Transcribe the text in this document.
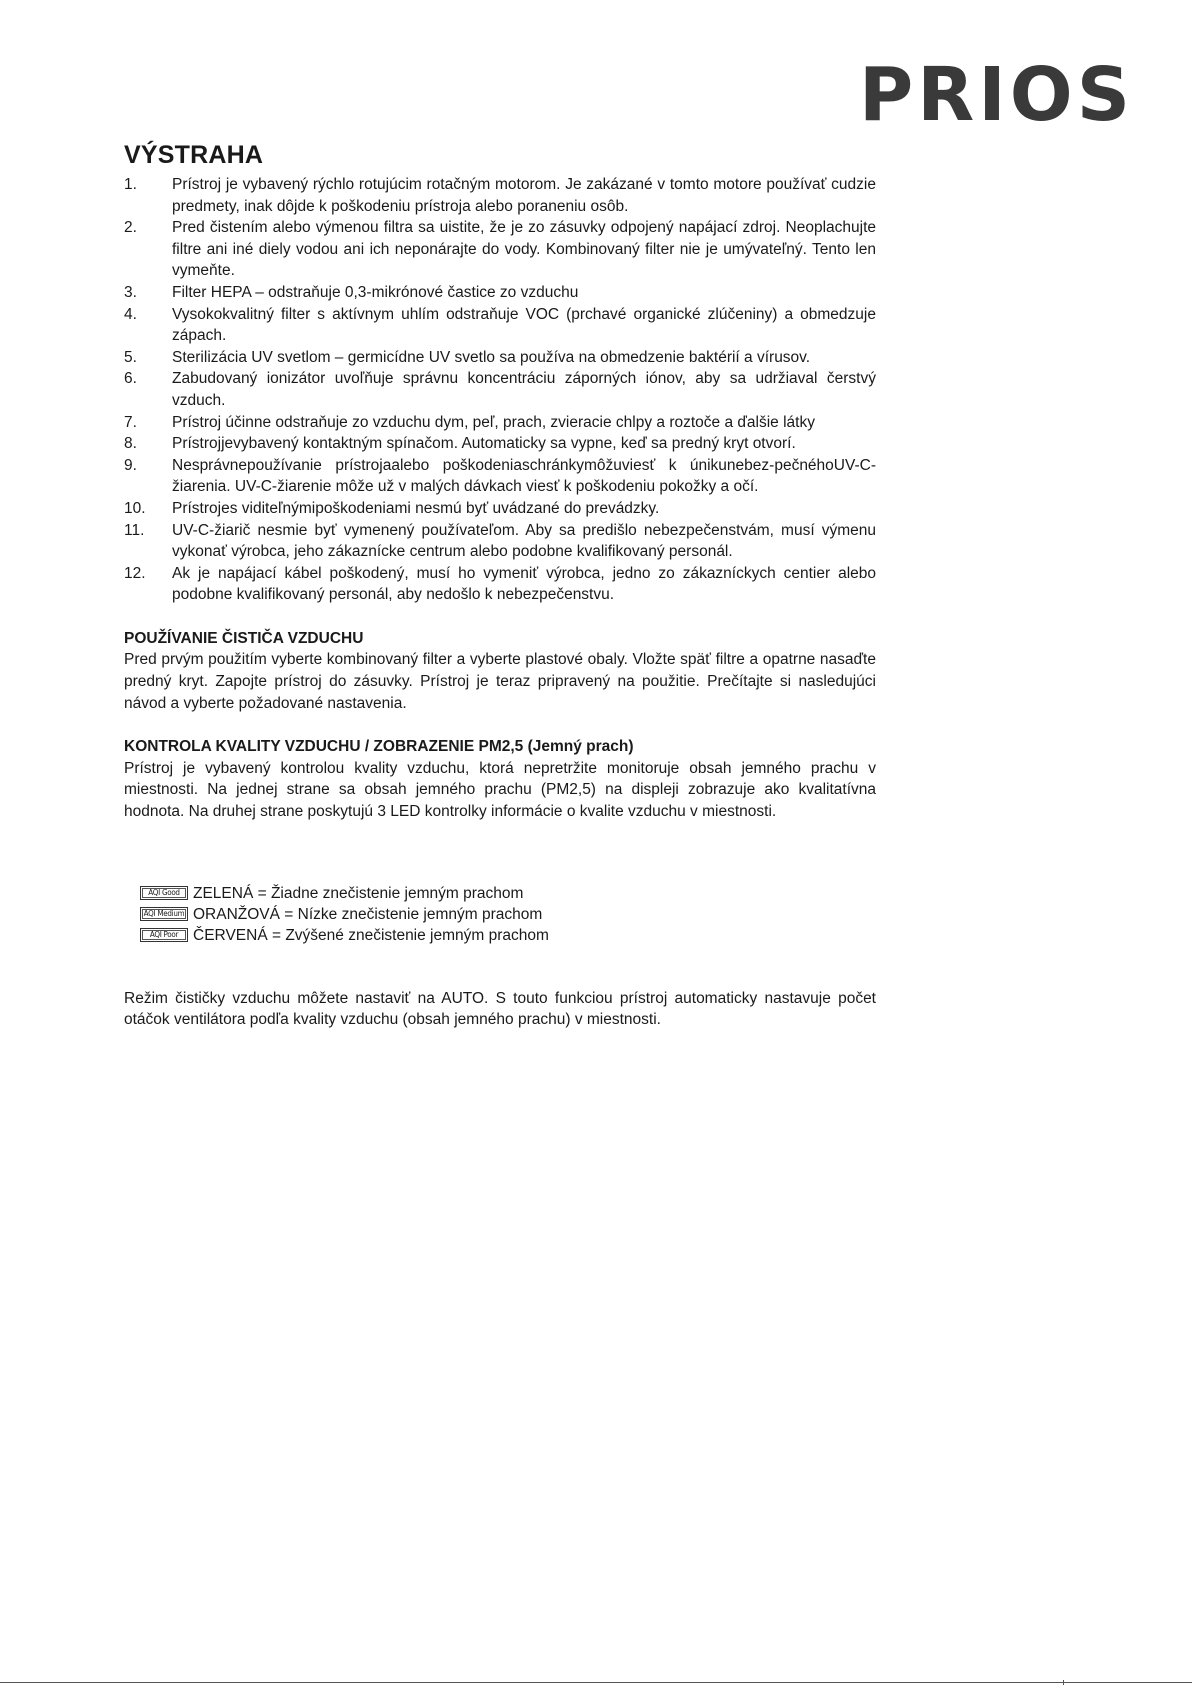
PRIOS
VÝSTRAHA
1.	Prístroj je vybavený rýchlo rotujúcim rotačným motorom. Je zakázané v tomto motore používať cudzie predmety, inak dôjde k poškodeniu prístroja alebo poraneniu osôb.
2.	Pred čistením alebo výmenou filtra sa uistite, že je zo zásuvky odpojený napájací zdroj. Neoplachujte filtre ani iné diely vodou ani ich neponárajte do vody. Kombinovaný filter nie je umývateľný. Tento len vymeňte.
3.	Filter HEPA – odstraňuje 0,3-mikrónové častice zo vzduchu
4.	Vysokokvalitný filter s aktívnym uhlím odstraňuje VOC (prchavé organické zlúčeniny) a obmedzuje zápach.
5.	Sterilizácia UV svetlom – germicídne UV svetlo sa používa na obmedzenie baktérií a vírusov.
6.	Zabudovaný ionizátor uvoľňuje správnu koncentráciu záporných iónov, aby sa udržiaval čerstvý vzduch.
7.	Prístroj účinne odstraňuje zo vzduchu dym, peľ, prach, zvieracie chlpy a roztoče a ďalšie látky
8.	Prístrojjevybavený kontaktným spínačom. Automaticky sa vypne, keď sa predný kryt otvorí.
9.	Nesprávnepoužívanie prístrojaalebo poškodeniaschránkymôžuviesť k únikunebez-pečnéhoUV-C-žiarenia. UV-C-žiarenie môže už v malých dávkach viesť k poškodeniu pokožky a očí.
10.	Prístrojes viditeľnýmipoškodeniami nesmú byť uvádzané do prevádzky.
11.	UV-C-žiarič nesmie byť vymenený používateľom. Aby sa predišlo nebezpečenstvám, musí výmenu vykonať výrobca, jeho zákaznícke centrum alebo podobne kvalifikovaný personál.
12.	Ak je napájací kábel poškodený, musí ho vymeniť výrobca, jedno zo zákazníckych centier alebo podobne kvalifikovaný personál, aby nedošlo k nebezpečenstvu.
POUŽÍVANIE ČISTIČA VZDUCHU

Pred prvým použitím vyberte kombinovaný filter a vyberte plastové obaly. Vložte späť filtre a opatrne nasaďte predný kryt. Zapojte prístroj do zásuvky. Prístroj je teraz pripravený na použitie. Prečítajte si nasledujúci návod a vyberte požadované nastavenia.

KONTROLA KVALITY VZDUCHU / ZOBRAZENIE PM2,5 (Jemný prach)

Prístroj je vybavený kontrolou kvality vzduchu, ktorá nepretržite monitoruje obsah jemného prachu v miestnosti. Na jednej strane sa obsah jemného prachu (PM2,5) na displeji zobrazuje ako kvalitatívna hodnota. Na druhej strane poskytujú 3 LED kontrolky informácie o kvalite vzduchu v miestnosti.

AQI Good ZELENÁ = Žiadne znečistenie jemným prachom
AQI Medium ORANŽOVÁ = Nízke znečistenie jemným prachom
AQI Poor ČERVENÁ = Zvýšené znečistenie jemným prachom

Režim čističky vzduchu môžete nastaviť na AUTO. S touto funkciou prístroj automaticky nastavuje počet otáčok ventilátora podľa kvality vzduchu (obsah jemného prachu) v miestnosti.
